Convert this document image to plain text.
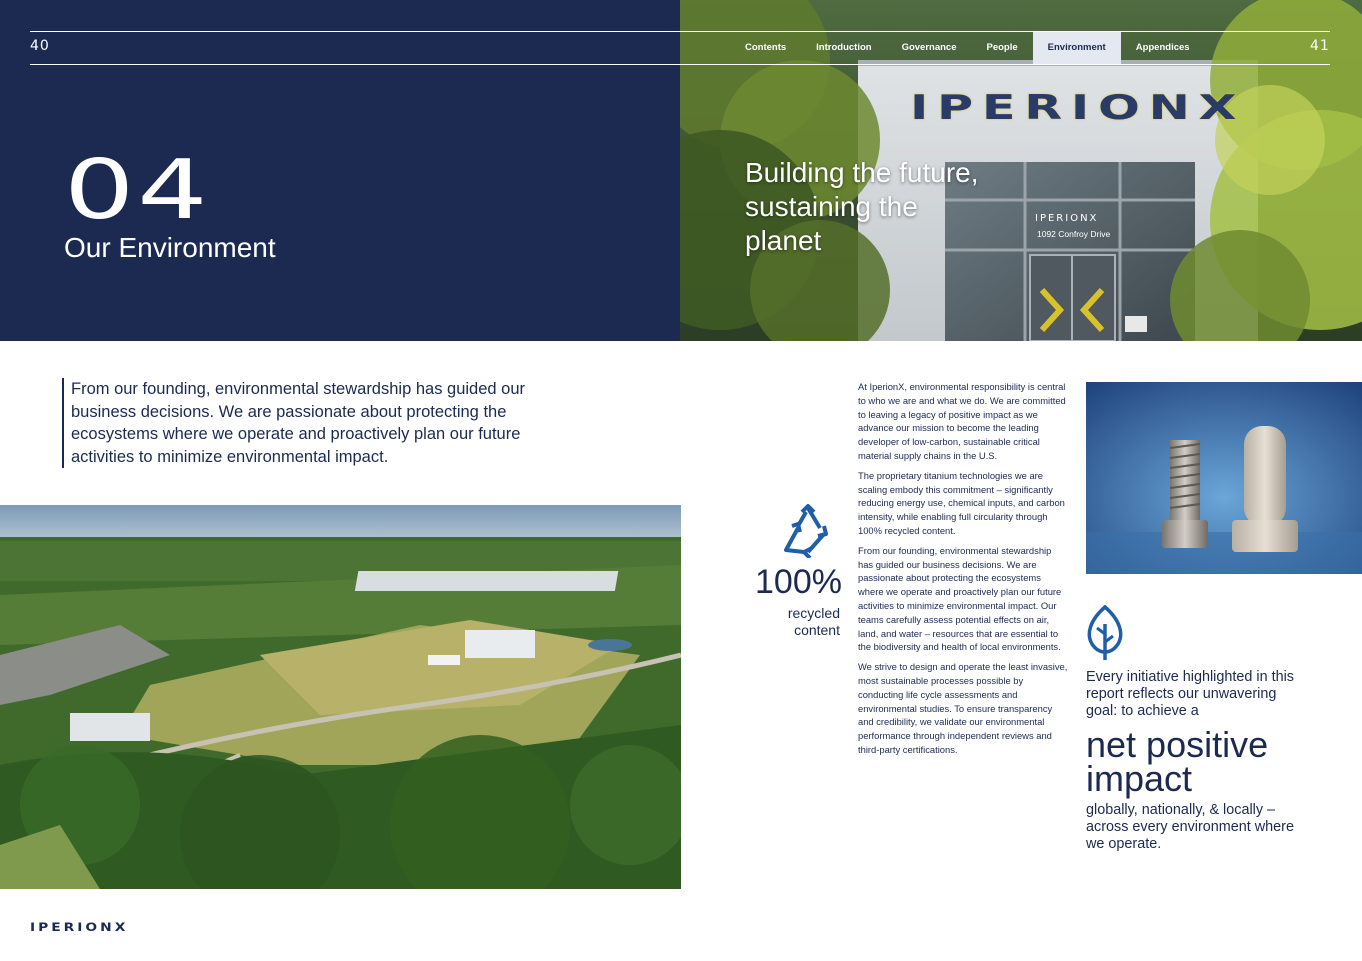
IPERIONX
IPERIONX
1092 Confroy Drive
40	41
Contents	Introduction	Governance	People	Environment	Appendices
04
Our Environment
Building the future,
sustaining the
planet
From our founding, environmental stewardship has guided our business decisions. We are passionate about protecting the ecosystems where we operate and proactively plan our future activities to minimize environmental impact.
100%
recycled
content

At IperionX, environmental responsibility is central to who we are and what we do. We are committed to leaving a legacy of positive impact as we advance our mission to become the leading developer of low-carbon, sustainable critical material supply chains in the U.S.

The proprietary titanium technologies we are scaling embody this commitment – significantly reducing energy use, chemical inputs, and carbon intensity, while enabling full circularity through 100% recycled content.

From our founding, environmental stewardship has guided our business decisions. We are passionate about protecting the ecosystems where we operate and proactively plan our future activities to minimize environmental impact. Our teams carefully assess potential effects on air, land, and water – resources that are essential to the biodiversity and health of local environments.

We strive to design and operate the least invasive, most sustainable processes possible by conducting life cycle assessments and environmental studies. To ensure transparency and credibility, we validate our environmental performance through independent reviews and third-party certifications.

Every initiative highlighted in this report reflects our unwavering goal: to achieve a
net positive impact
globally, nationally, & locally – across every environment where we operate.
IPERIONX
